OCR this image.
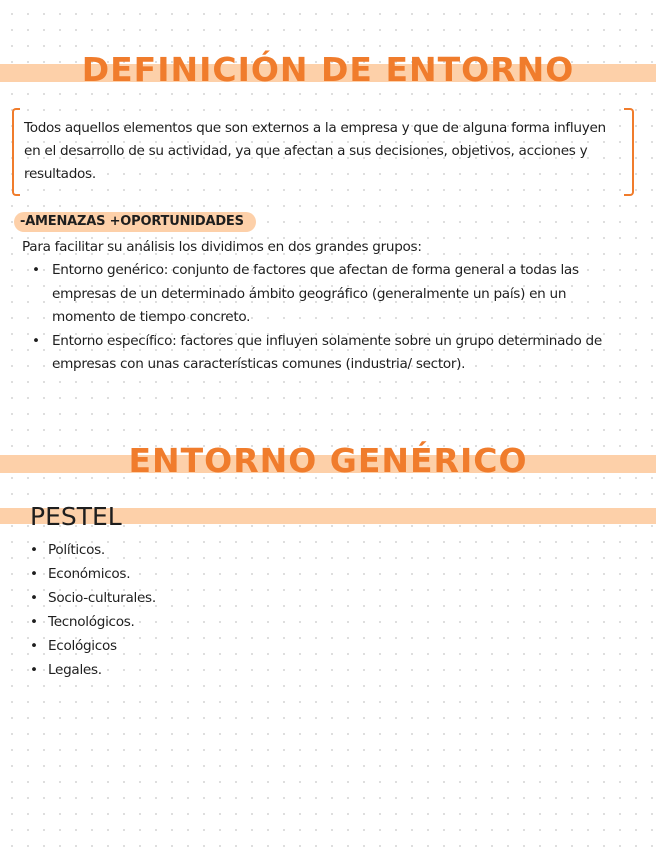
DEFINICIÓN DE ENTORNO
Todos aquellos elementos que son externos a la empresa y que de alguna forma influyen en el desarrollo de su actividad, ya que afectan a sus decisiones, objetivos, acciones y resultados.
-AMENAZAS +OPORTUNIDADES
Para facilitar su análisis los dividimos en dos grandes grupos:
• Entorno genérico: conjunto de factores que afectan de forma general a todas las empresas de un determinado ámbito geográfico (generalmente un país) en un momento de tiempo concreto.
• Entorno específico: factores que influyen solamente sobre un grupo determinado de empresas con unas características comunes (industria/ sector).
ENTORNO GENÉRICO
PESTEL
• Políticos.
• Económicos.
• Socio-culturales.
• Tecnológicos.
• Ecológicos
• Legales.
